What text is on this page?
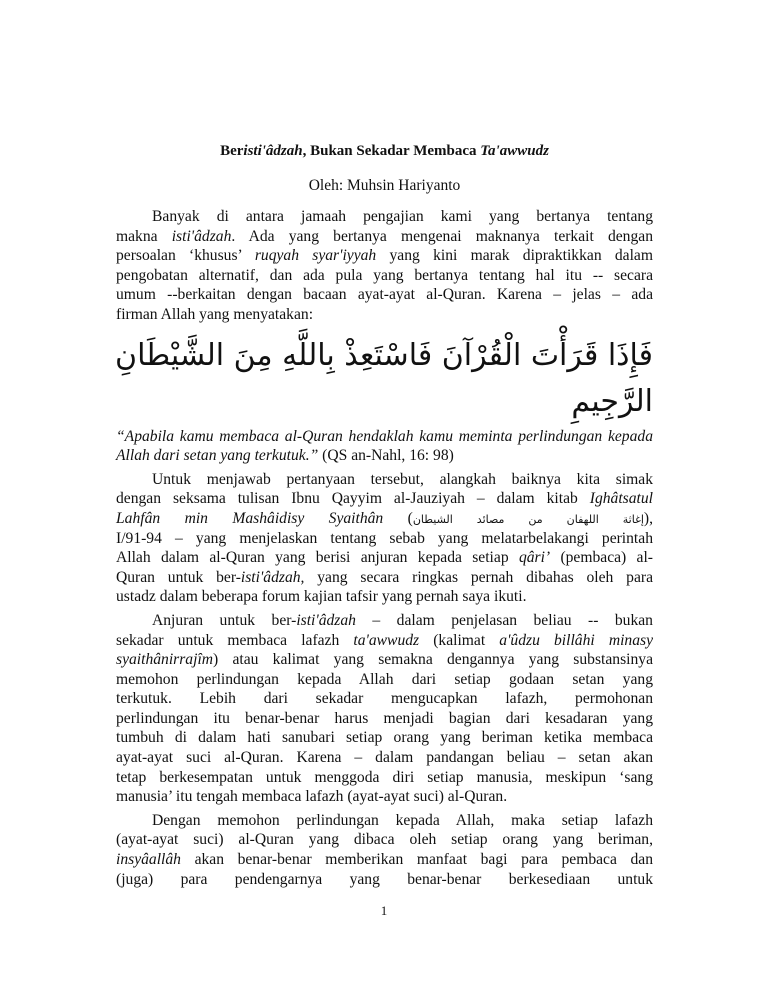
Beristi'âdzah, Bukan Sekadar Membaca Ta'awwudz
Oleh: Muhsin Hariyanto
Banyak di antara jamaah pengajian kami yang bertanya tentang
makna isti'âdzah. Ada yang bertanya mengenai maknanya terkait dengan
persoalan ‘khusus’ ruqyah syar'iyyah yang kini marak dipraktikkan dalam
pengobatan alternatif, dan ada pula yang bertanya tentang hal itu -- secara
umum --berkaitan dengan bacaan ayat-ayat al-Quran. Karena – jelas – ada
firman Allah yang menyatakan:
فَإِذَا قَرَأْتَ الْقُرْآنَ فَاسْتَعِذْ بِاللَّهِ مِنَ الشَّيْطَانِ
الرَّجِيمِ
“Apabila kamu membaca al-Quran hendaklah kamu meminta perlindungan kepada
Allah dari setan yang terkutuk.” (QS an-Nahl, 16: 98)
Untuk menjawab pertanyaan tersebut, alangkah baiknya kita simak
dengan seksama tulisan Ibnu Qayyim al-Jauziyah – dalam kitab Ighâtsatul
Lahfân min Mashâidisy Syaithân (إغاثة اللهفان من مصائد الشيطان),
I/91-94 – yang menjelaskan tentang sebab yang melatarbelakangi perintah
Allah dalam al-Quran yang berisi anjuran kepada setiap qâri’ (pembaca) al-
Quran untuk ber-isti'âdzah, yang secara ringkas pernah dibahas oleh para
ustadz dalam beberapa forum kajian tafsir yang pernah saya ikuti.
Anjuran untuk ber-isti'âdzah – dalam penjelasan beliau -- bukan
sekadar untuk membaca lafazh ta'awwudz (kalimat a'ûdzu billâhi minasy
syaithânirrajîm) atau kalimat yang semakna dengannya yang substansinya
memohon perlindungan kepada Allah dari setiap godaan setan yang
terkutuk. Lebih dari sekadar mengucapkan lafazh, permohonan
perlindungan itu benar-benar harus menjadi bagian dari kesadaran yang
tumbuh di dalam hati sanubari setiap orang yang beriman ketika membaca
ayat-ayat suci al-Quran. Karena – dalam pandangan beliau – setan akan
tetap berkesempatan untuk menggoda diri setiap manusia, meskipun ‘sang
manusia’ itu tengah membaca lafazh (ayat-ayat suci) al-Quran.
Dengan memohon perlindungan kepada Allah, maka setiap lafazh
(ayat-ayat suci) al-Quran yang dibaca oleh setiap orang yang beriman,
insyâallâh akan benar-benar memberikan manfaat bagi para pembaca dan
(juga) para pendengarnya yang benar-benar berkesediaan untuk
1
